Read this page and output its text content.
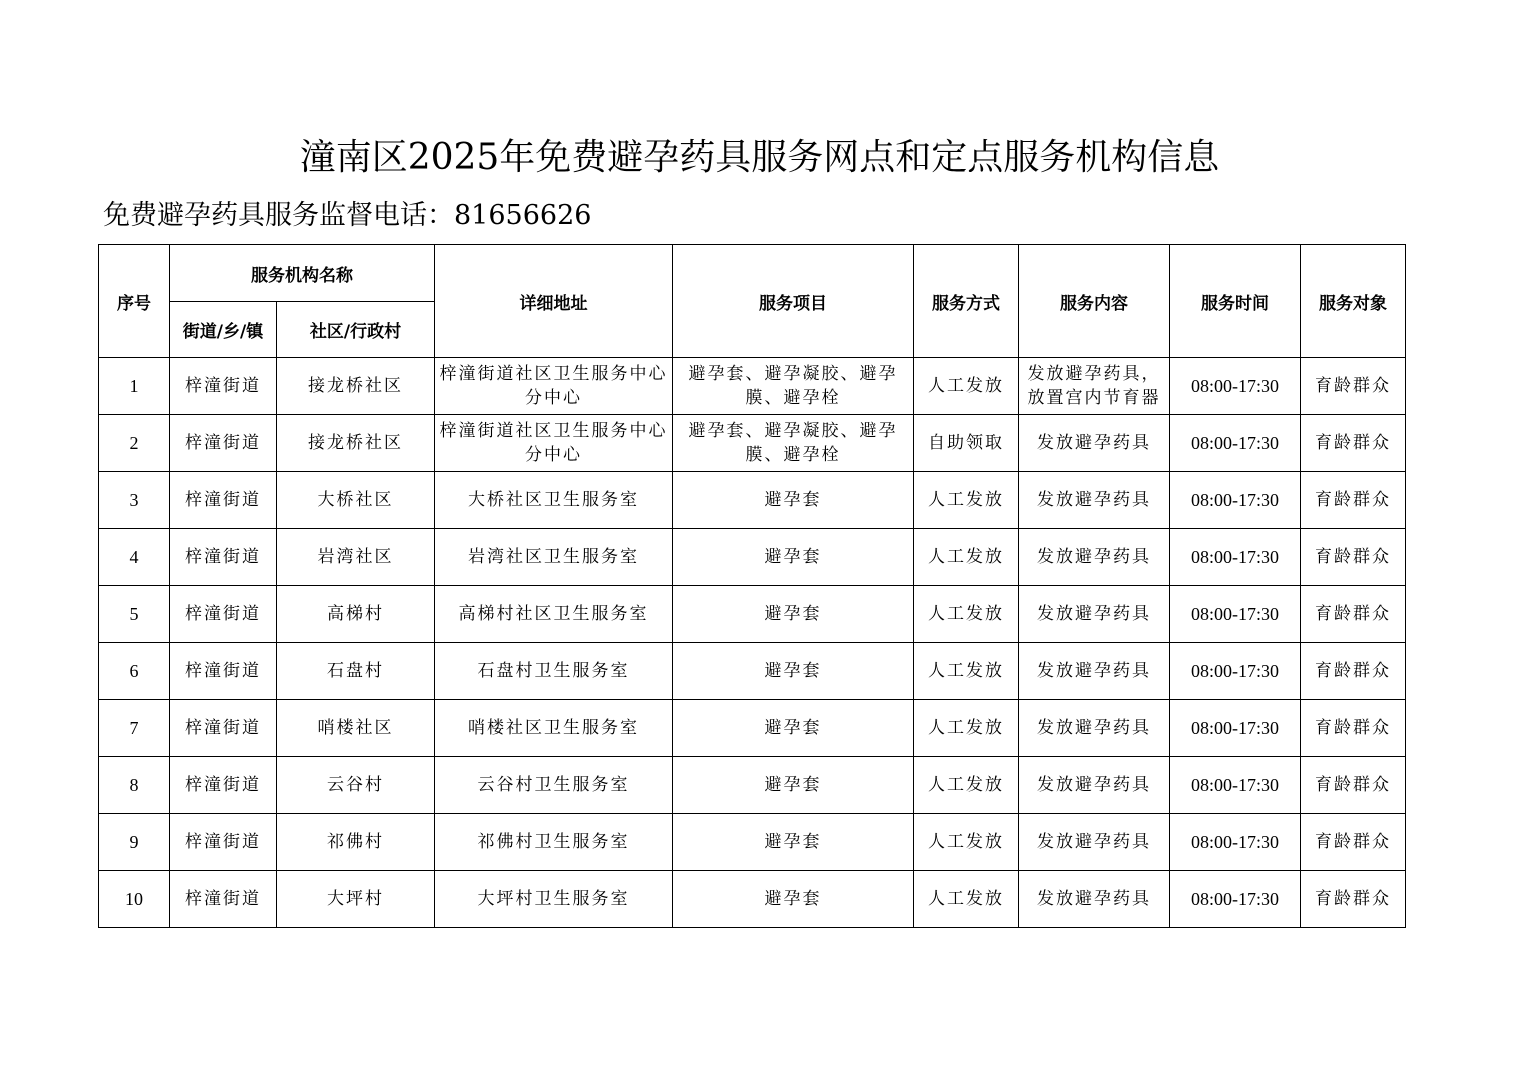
潼南区2025年免费避孕药具服务网点和定点服务机构信息
免费避孕药具服务监督电话：81656626
序号	服务机构名称		详细地址	服务项目	服务方式	服务内容	服务时间	服务对象
	街道/乡/镇	社区/行政村						
1	梓潼街道	接龙桥社区	梓潼街道社区卫生服务中心分中心	避孕套、避孕凝胶、避孕膜、避孕栓	人工发放	发放避孕药具，放置宫内节育器	08:00-17:30	育龄群众
2	梓潼街道	接龙桥社区	梓潼街道社区卫生服务中心分中心	避孕套、避孕凝胶、避孕膜、避孕栓	自助领取	发放避孕药具	08:00-17:30	育龄群众
3	梓潼街道	大桥社区	大桥社区卫生服务室	避孕套	人工发放	发放避孕药具	08:00-17:30	育龄群众
4	梓潼街道	岩湾社区	岩湾社区卫生服务室	避孕套	人工发放	发放避孕药具	08:00-17:30	育龄群众
5	梓潼街道	高梯村	高梯村社区卫生服务室	避孕套	人工发放	发放避孕药具	08:00-17:30	育龄群众
6	梓潼街道	石盘村	石盘村卫生服务室	避孕套	人工发放	发放避孕药具	08:00-17:30	育龄群众
7	梓潼街道	哨楼社区	哨楼社区卫生服务室	避孕套	人工发放	发放避孕药具	08:00-17:30	育龄群众
8	梓潼街道	云谷村	云谷村卫生服务室	避孕套	人工发放	发放避孕药具	08:00-17:30	育龄群众
9	梓潼街道	祁佛村	祁佛村卫生服务室	避孕套	人工发放	发放避孕药具	08:00-17:30	育龄群众
10	梓潼街道	大坪村	大坪村卫生服务室	避孕套	人工发放	发放避孕药具	08:00-17:30	育龄群众
